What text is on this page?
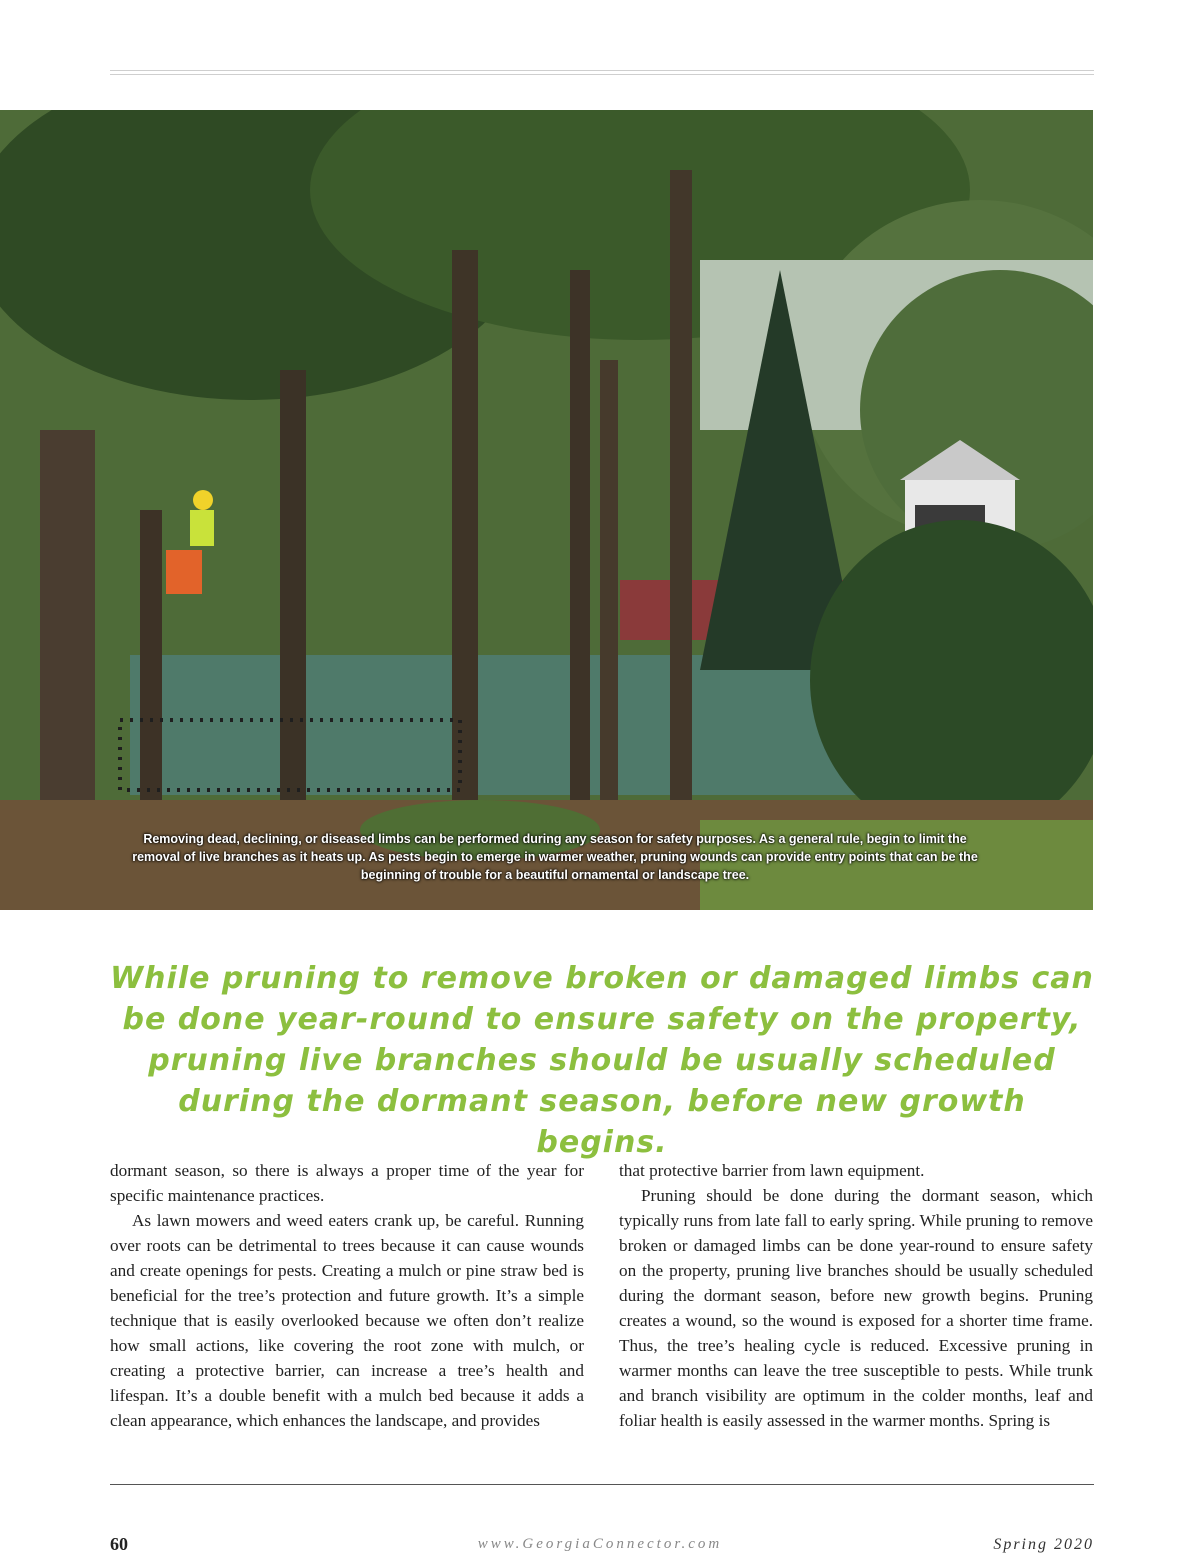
Removing dead, declining, or diseased limbs can be performed during any season for safety purposes. As a general rule, begin to limit the removal of live branches as it heats up. As pests begin to emerge in warmer weather, pruning wounds can provide entry points that can be the beginning of trouble for a beautiful ornamental or landscape tree.
While pruning to remove broken or damaged limbs can be done year-round to ensure safety on the property, pruning live branches should be usually scheduled during the dormant season, before new growth begins.

dormant season, so there is always a proper time of the year for specific maintenance practices.

As lawn mowers and weed eaters crank up, be careful. Running over roots can be detrimental to trees because it can cause wounds and create openings for pests. Creating a mulch or pine straw bed is beneficial for the tree’s protection and future growth. It’s a simple technique that is easily overlooked because we often don’t realize how small actions, like covering the root zone with mulch, or creating a protective barrier, can increase a tree’s health and lifespan. It’s a double benefit with a mulch bed because it adds a clean appearance, which enhances the landscape, and provides

that protective barrier from lawn equipment.

Pruning should be done during the dormant season, which typically runs from late fall to early spring. While pruning to remove broken or damaged limbs can be done year-round to ensure safety on the property, pruning live branches should be usually scheduled during the dormant season, before new growth begins. Pruning creates a wound, so the wound is exposed for a shorter time frame. Thus, the tree’s healing cycle is reduced. Excessive pruning in warmer months can leave the tree susceptible to pests. While trunk and branch visibility are optimum in the colder months, leaf and foliar health is easily assessed in the warmer months. Spring is

60	www.GeorgiaConnector.com	Spring 2020
